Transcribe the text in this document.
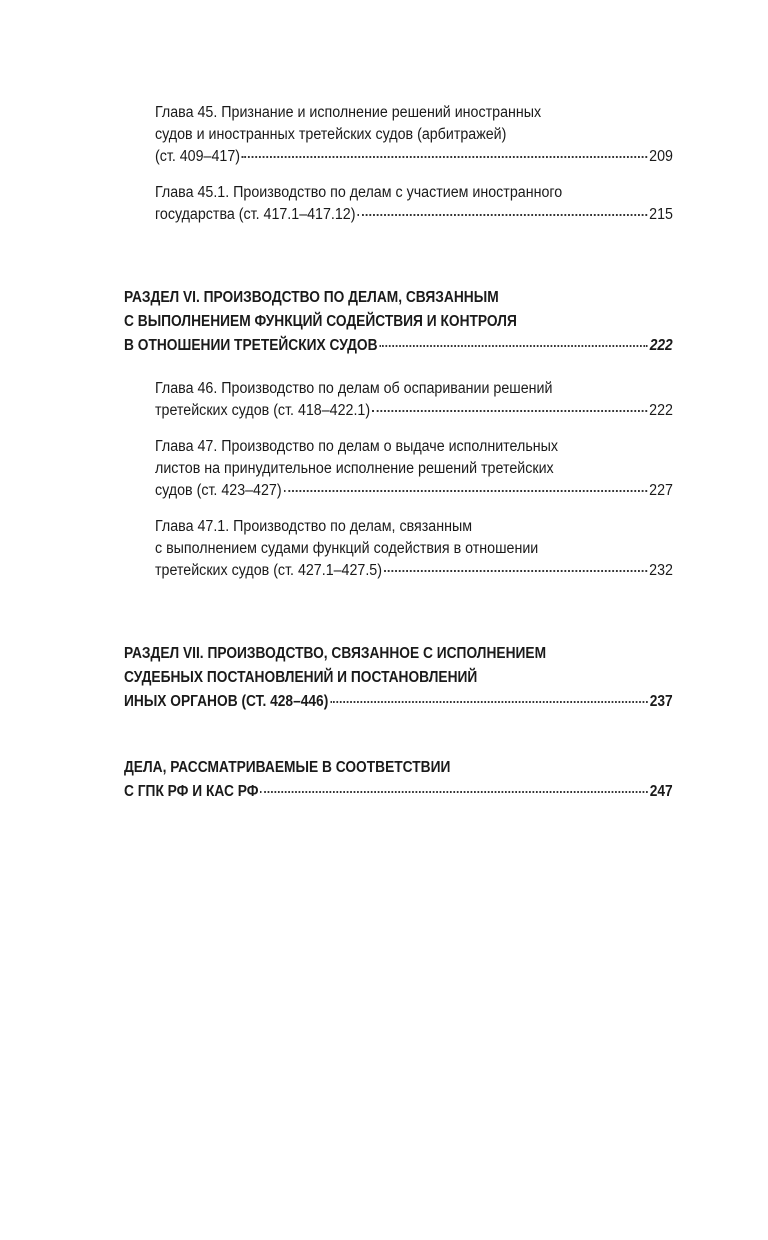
Глава 45. Признание и исполнение решений иностранных
судов и иностранных третейских судов (арбитражей)
(ст. 409–417)	209
Глава 45.1. Производство по делам с участием иностранного
государства (ст. 417.1–417.12)	215
РАЗДЕЛ VI. ПРОИЗВОДСТВО ПО ДЕЛАМ, СВЯЗАННЫМ
С ВЫПОЛНЕНИЕМ ФУНКЦИЙ СОДЕЙСТВИЯ И КОНТРОЛЯ
В ОТНОШЕНИИ ТРЕТЕЙСКИХ СУДОВ	222
Глава 46. Производство по делам об оспаривании решений
третейских судов (ст. 418–422.1)	222
Глава 47. Производство по делам о выдаче исполнительных
листов на принудительное исполнение решений третейских
судов (ст. 423–427)	227
Глава 47.1. Производство по делам, связанным
с выполнением судами функций содействия в отношении
третейских судов (ст. 427.1–427.5)	232
РАЗДЕЛ VII. ПРОИЗВОДСТВО, СВЯЗАННОЕ С ИСПОЛНЕНИЕМ
СУДЕБНЫХ ПОСТАНОВЛЕНИЙ И ПОСТАНОВЛЕНИЙ
ИНЫХ ОРГАНОВ (СТ. 428–446)	237
ДЕЛА, РАССМАТРИВАЕМЫЕ В СООТВЕТСТВИИ
С ГПК РФ И КАС РФ	247
